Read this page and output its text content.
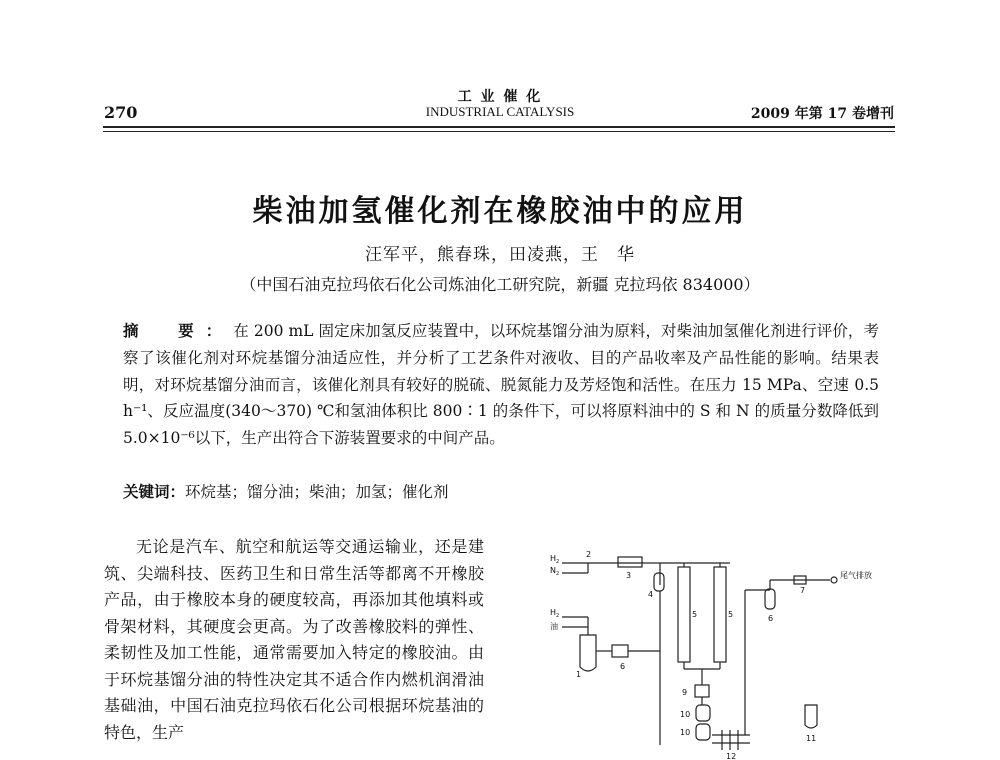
270
工 业 催 化
INDUSTRIAL CATALYSIS	2009 年第 17 卷增刊
柴油加氢催化剂在橡胶油中的应用
汪军平，熊春珠，田凌燕，王　华
（中国石油克拉玛依石化公司炼油化工研究院，新疆 克拉玛依 834000）
摘　要：在 200 mL 固定床加氢反应装置中，以环烷基馏分油为原料，对柴油加氢催化剂进行评价，考察了该催化剂对环烷基馏分油适应性，并分析了工艺条件对液收、目的产品收率及产品性能的影响。结果表明，对环烷基馏分油而言，该催化剂具有较好的脱硫、脱氮能力及芳烃饱和活性。在压力 15 MPa、空速 0.5 h⁻¹、反应温度(340～370) ℃和氢油体积比 800∶1 的条件下，可以将原料油中的 S 和 N 的质量分数降低到 5.0×10⁻⁶以下，生产出符合下游装置要求的中间产品。
关键词：环烷基；馏分油；柴油；加氢；催化剂

无论是汽车、航空和航运等交通运输业，还是建筑、尖端科技、医药卫生和日常生活等都离不开橡胶产品，由于橡胶本身的硬度较高，再添加其他填料或骨架材料，其硬度会更高。为了改善橡胶料的弹性、柔韧性及加工性能，通常需要加入特定的橡胶油。由于环烷基馏分油的特性决定其不适合作内燃机润滑油基础油，中国石油克拉玛依石化公司根据环烷基油的特色，生产

$H_2$
$N_2$
$H_2$
油
尾气排放
2
3
4
5	5	6
6
7
1
9
10
10
11
12
